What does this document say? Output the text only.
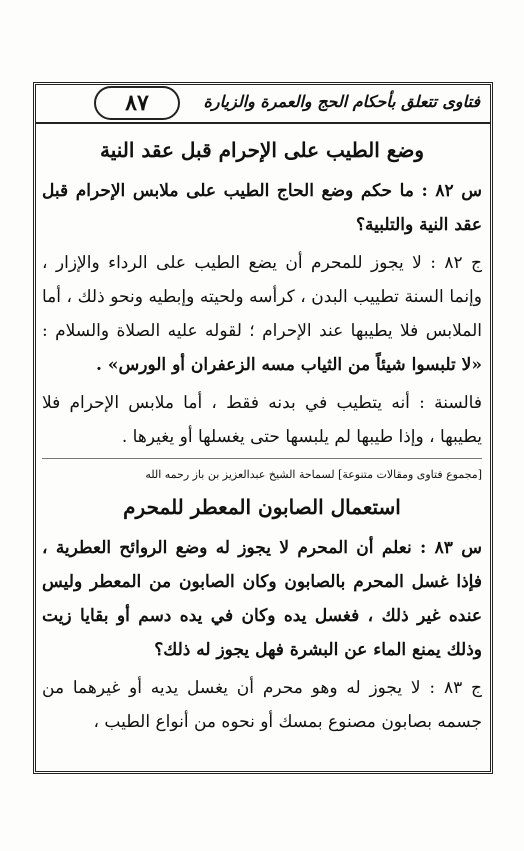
فتاوى تتعلق بأحكام الحج والعمرة والزيارة
٨٧
وضع الطيب على الإحرام قبل عقد النية

س ٨٢ : ما حكم وضع الحاج الطيب على ملابس الإحرام قبل عقد النية والتلبية؟

ج ٨٢ : لا يجوز للمحرم أن يضع الطيب على الرداء والإزار ، وإنما السنة تطييب البدن ، كرأسه ولحيته وإبطيه ونحو ذلك ، أما الملابس فلا يطيبها عند الإحرام ؛ لقوله عليه الصلاة والسلام : «لا تلبسوا شيئاً من الثياب مسه الزعفران أو الورس» .

فالسنة : أنه يتطيب في بدنه فقط ، أما ملابس الإحرام فلا يطيبها ، وإذا طيبها لم يلبسها حتى يغسلها أو يغيرها .

[مجموع فتاوى ومقالات متنوعة] لسماحة الشيخ عبدالعزيز بن باز رحمه الله
استعمال الصابون المعطر للمحرم

س ٨٣ : نعلم أن المحرم لا يجوز له وضع الروائح العطرية ، فإذا غسل المحرم بالصابون وكان الصابون من المعطر وليس عنده غير ذلك ، فغسل يده وكان في يده دسم أو بقايا زيت وذلك يمنع الماء عن البشرة فهل يجوز له ذلك؟

ج ٨٣ : لا يجوز له وهو محرم أن يغسل يديه أو غيرهما من جسمه بصابون مصنوع بمسك أو نحوه من أنواع الطيب ،
